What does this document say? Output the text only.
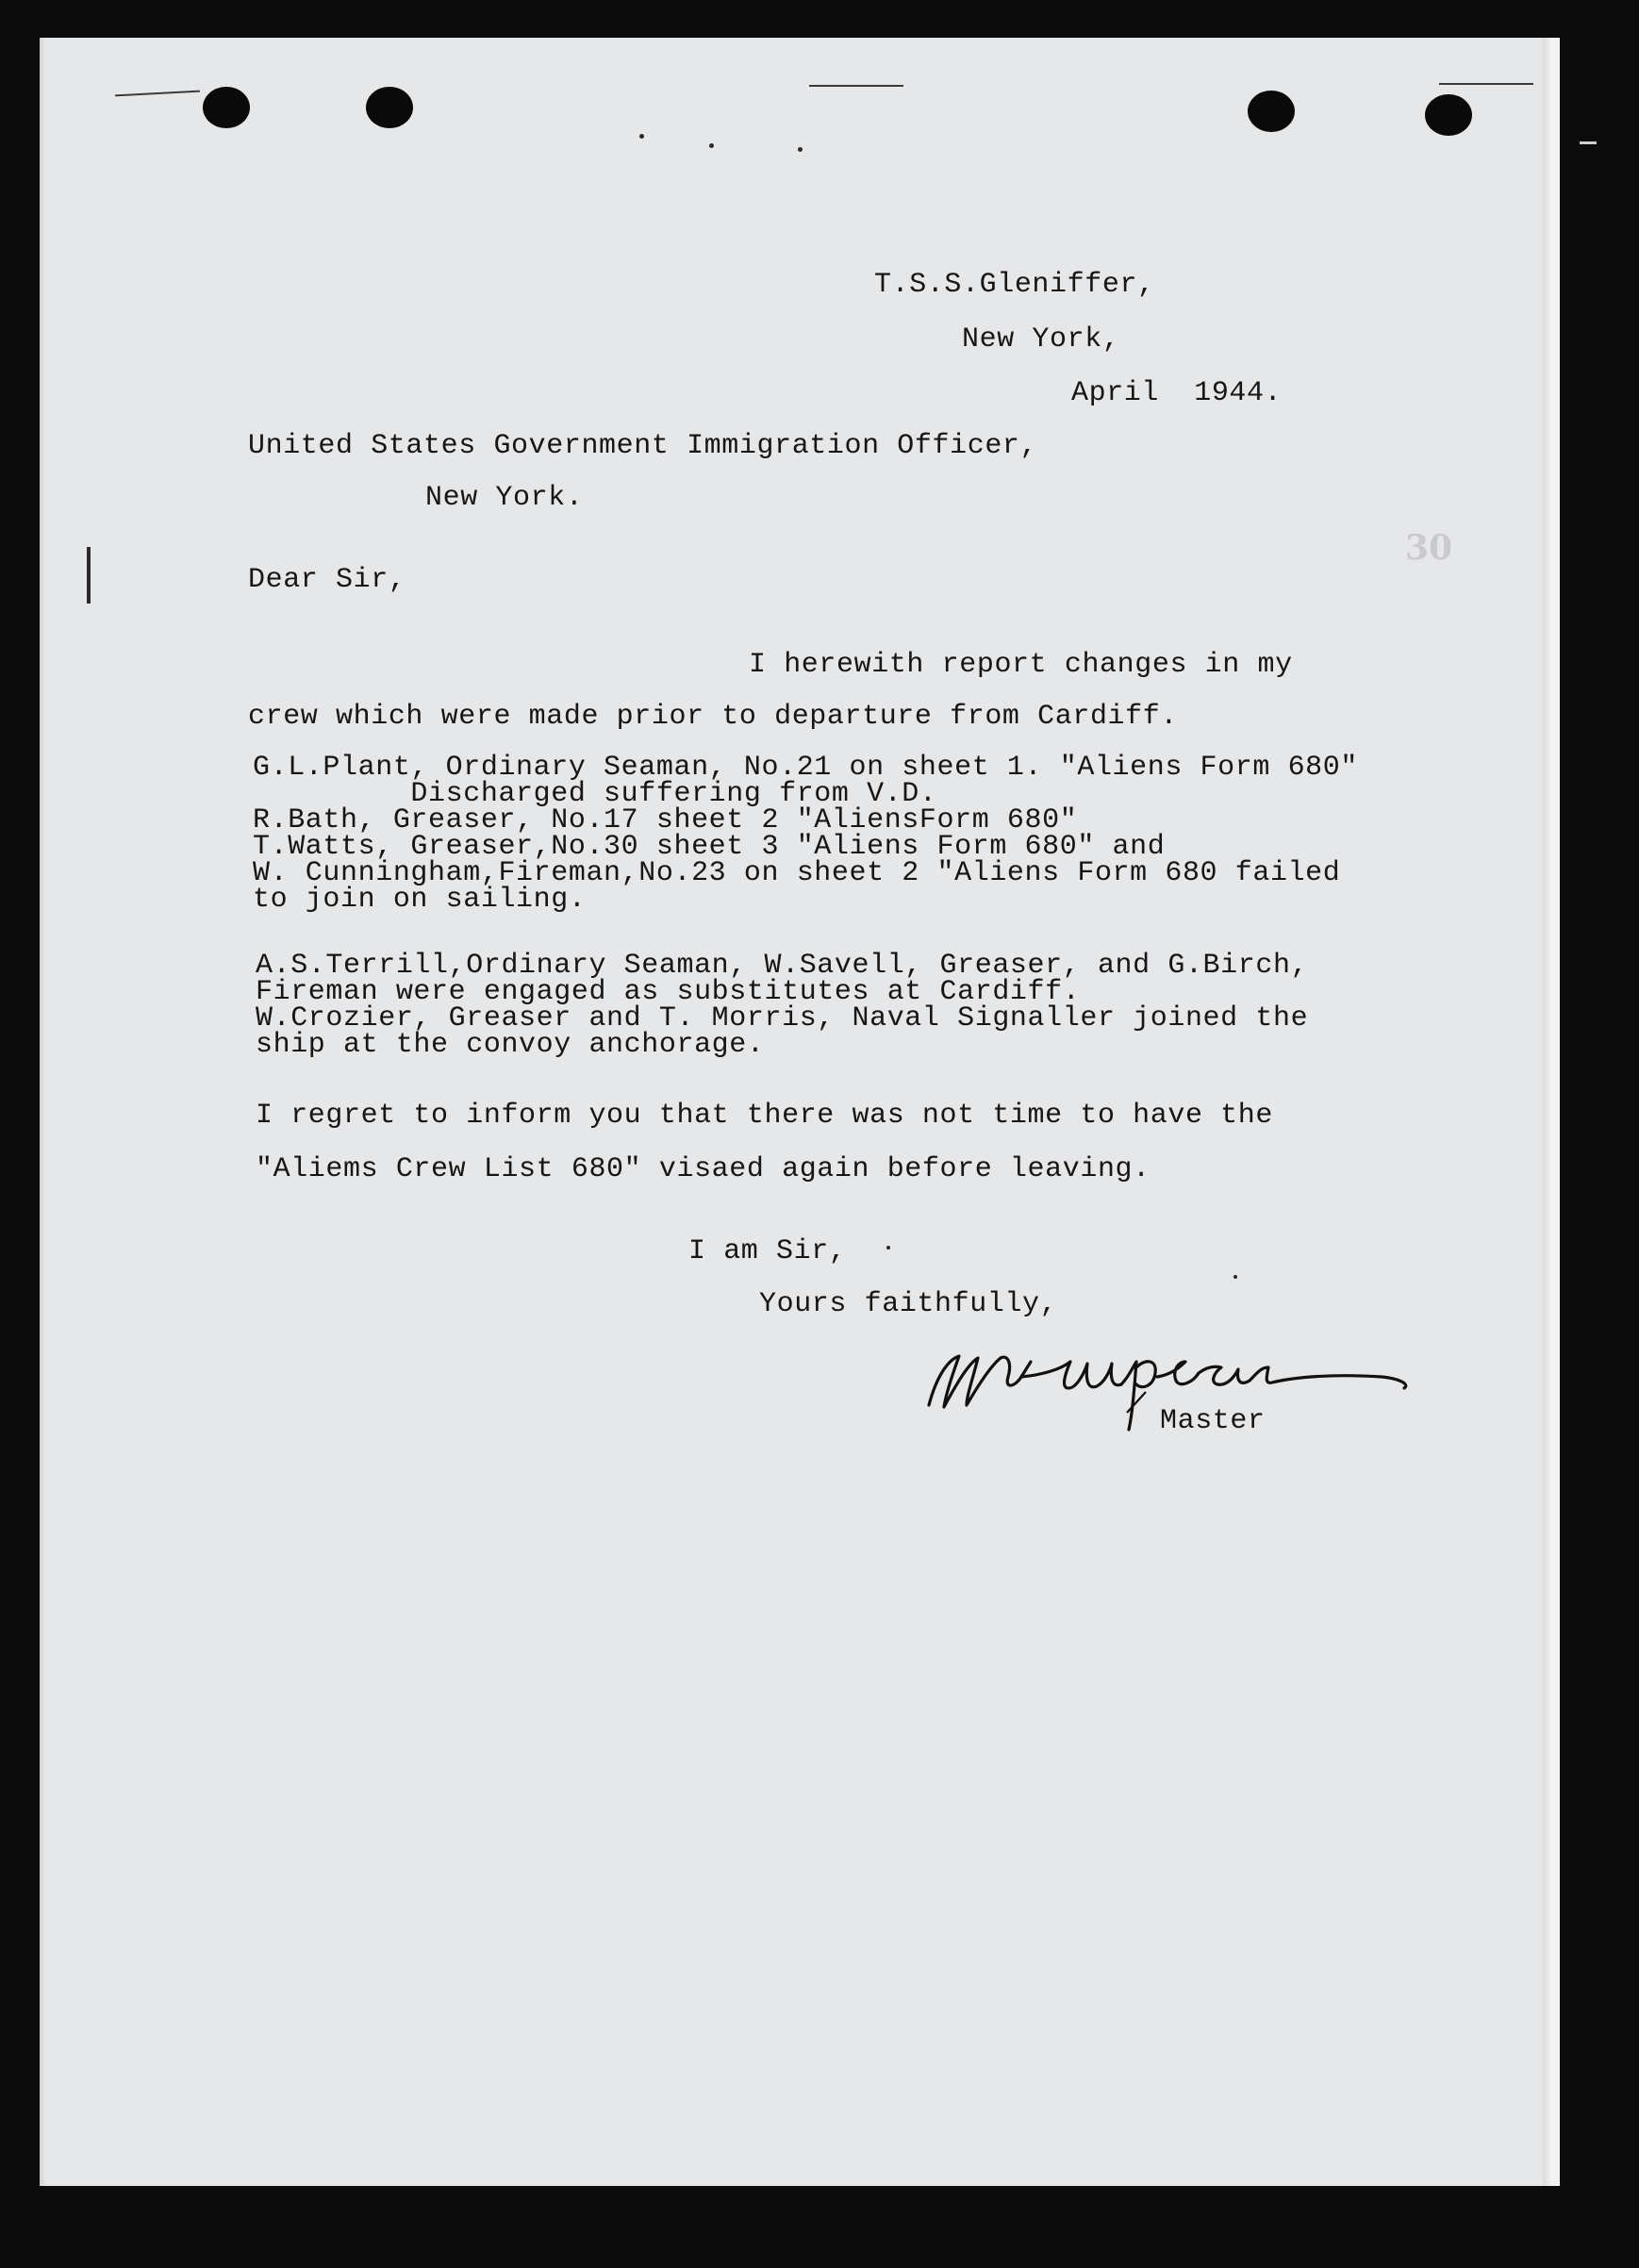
30
T.S.S.Gleniffer,
New York,
April  1944.
United States Government Immigration Officer,
New York.
Dear Sir,
I herewith report changes in my
crew which were made prior to departure from Cardiff.
G.L.Plant, Ordinary Seaman, No.21 on sheet 1. "Aliens Form 680"
Discharged suffering from V.D.
R.Bath, Greaser, No.17 sheet 2 "AliensForm 680"
T.Watts, Greaser,No.30 sheet 3 "Aliens Form 680" and
W. Cunningham,Fireman,No.23 on sheet 2 "Aliens Form 680 failed
to join on sailing.
A.S.Terrill,Ordinary Seaman, W.Savell, Greaser, and G.Birch,
Fireman were engaged as substitutes at Cardiff.
W.Crozier, Greaser and T. Morris, Naval Signaller joined the
ship at the convoy anchorage.
I regret to inform you that there was not time to have the
"Aliems Crew List 680" visaed again before leaving.
I am Sir,
Yours faithfully,
Master
